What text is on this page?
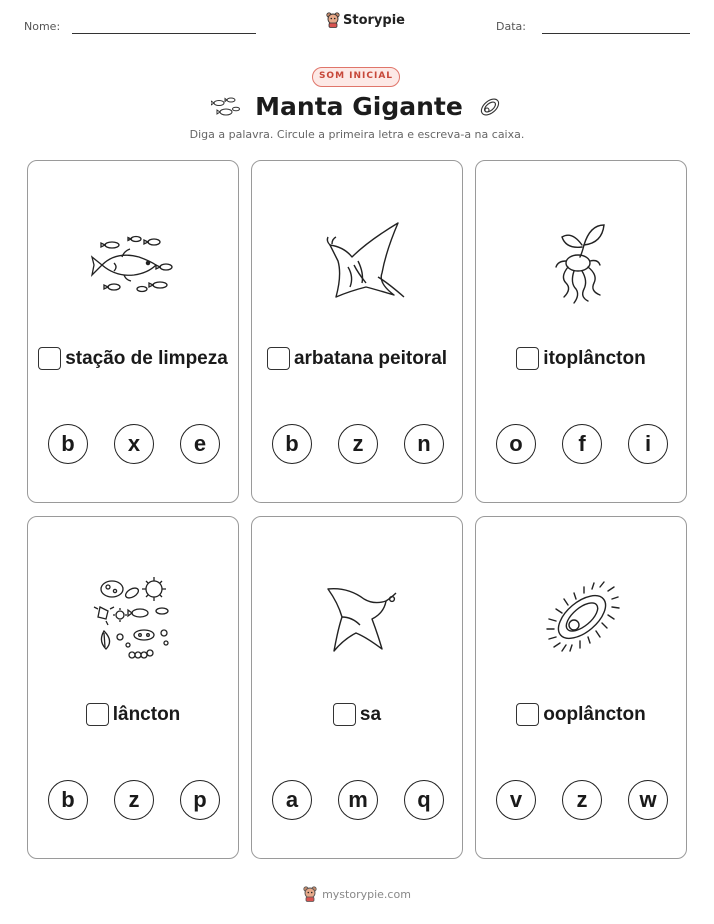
Nome:	Storypie	Data:
SOM INICIAL
Manta Gigante
Diga a palavra. Circule a primeira letra e escreva-a na caixa.
stação de limpeza
b	x	e
arbatana peitoral
b	z	n
itoplâncton
o	f	i
lâncton
b	z	p
sa
a	m	q
ooplâncton
v	z	w
mystorypie.com
